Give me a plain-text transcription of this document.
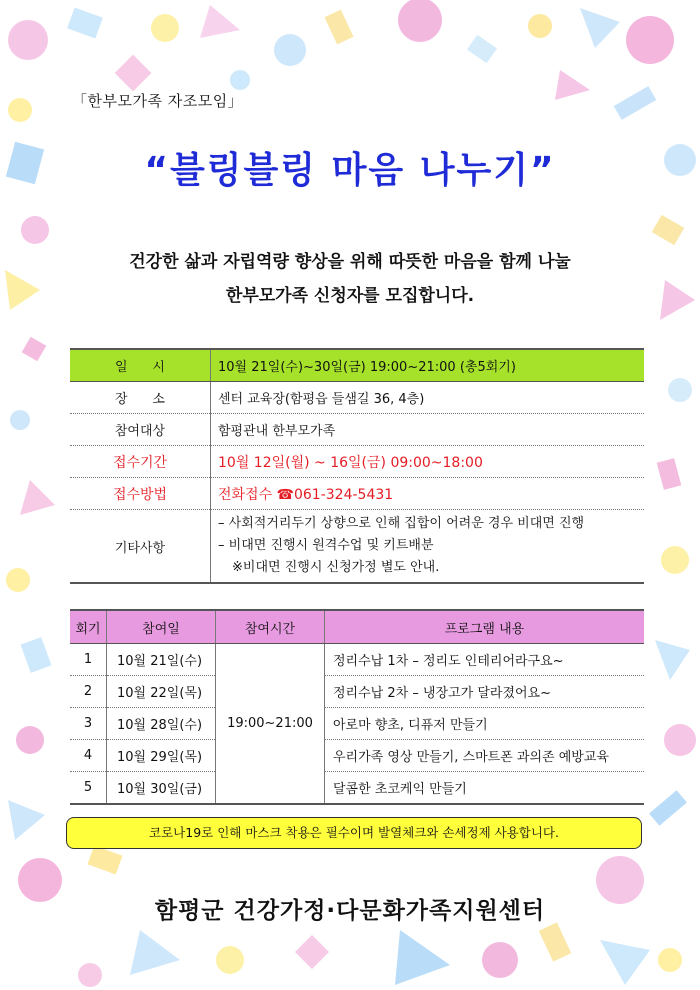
「한부모가족 자조모임」
“블링블링 마음 나누기”
건강한 삶과 자립역량 향상을 위해 따뜻한 마음을 함께 나눌
한부모가족 신청자를 모집합니다.
일      시	10월 21일(수)~30일(금) 19:00~21:00 (총5회기)
장      소	센터 교육장(함평읍 들샘길 36, 4층)
참여대상	함평관내 한부모가족
접수기간	10월 12일(월) ~ 16일(금) 09:00~18:00
접수방법	전화접수 ☎061-324-5431
기타사항	– 사회적거리두기 상향으로 인해 집합이 어려운 경우 비대면 진행
– 비대면 진행시 원격수업 및 키트배분
※비대면 진행시 신청가정 별도 안내.
회기	참여일	참여시간	프로그램 내용
1	10월 21일(수)	19:00~21:00	정리수납 1차 – 정리도 인테리어라구요~
2	10월 22일(목)		정리수납 2차 – 냉장고가 달라졌어요~
3	10월 28일(수)		아로마 향초, 디퓨저 만들기
4	10월 29일(목)		우리가족 영상 만들기, 스마트폰 과의존 예방교육
5	10월 30일(금)		달콤한 초코케익 만들기
코로나19로 인해 마스크 착용은 필수이며 발열체크와 손세정제 사용합니다.
함평군 건강가정·다문화가족지원센터
